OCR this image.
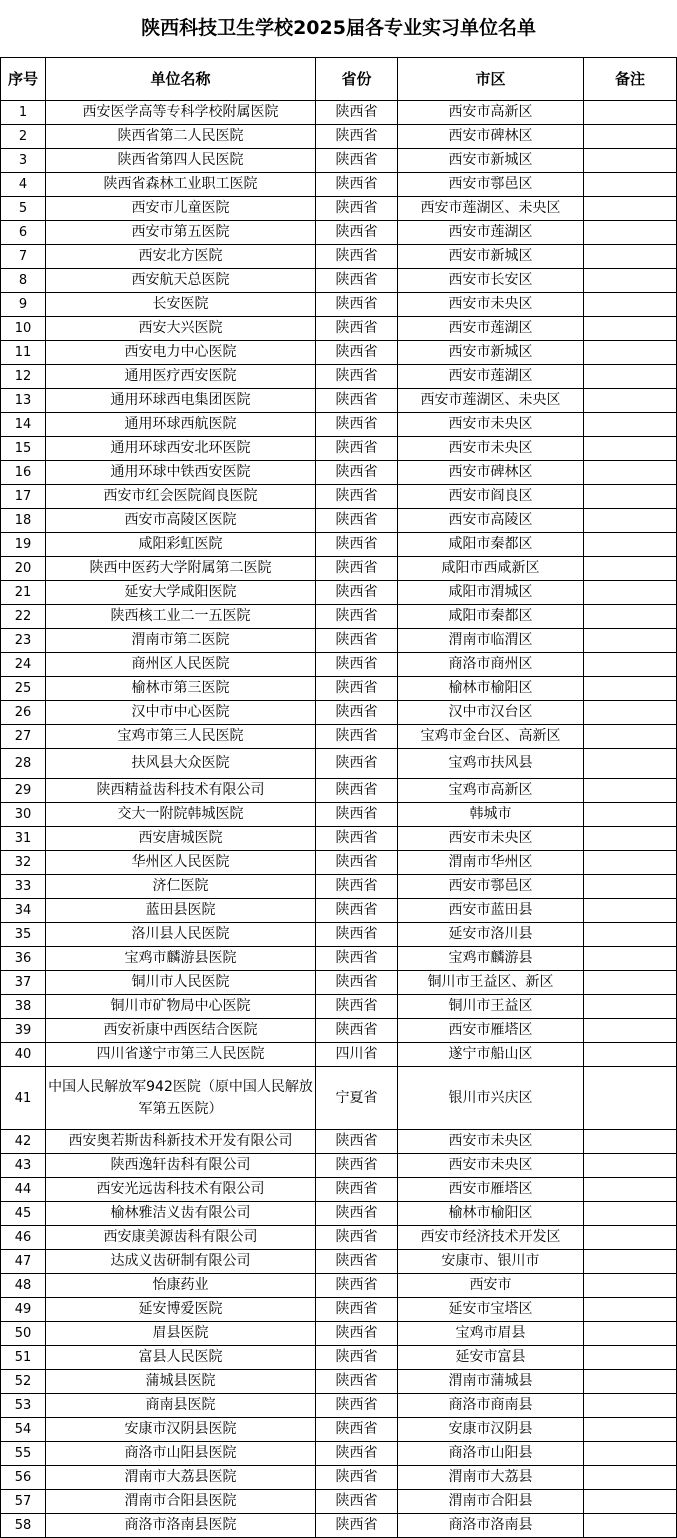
陕西科技卫生学校2025届各专业实习单位名单				
序号	单位名称	省份	市区	备注
1	西安医学高等专科学校附属医院	陕西省	西安市高新区	
2	陕西省第二人民医院	陕西省	西安市碑林区	
3	陕西省第四人民医院	陕西省	西安市新城区	
4	陕西省森林工业职工医院	陕西省	西安市鄠邑区	
5	西安市儿童医院	陕西省	西安市莲湖区、未央区	
6	西安市第五医院	陕西省	西安市莲湖区	
7	西安北方医院	陕西省	西安市新城区	
8	西安航天总医院	陕西省	西安市长安区	
9	长安医院	陕西省	西安市未央区	
10	西安大兴医院	陕西省	西安市莲湖区	
11	西安电力中心医院	陕西省	西安市新城区	
12	通用医疗西安医院	陕西省	西安市莲湖区	
13	通用环球西电集团医院	陕西省	西安市莲湖区、未央区	
14	通用环球西航医院	陕西省	西安市未央区	
15	通用环球西安北环医院	陕西省	西安市未央区	
16	通用环球中铁西安医院	陕西省	西安市碑林区	
17	西安市红会医院阎良医院	陕西省	西安市阎良区	
18	西安市高陵区医院	陕西省	西安市高陵区	
19	咸阳彩虹医院	陕西省	咸阳市秦都区	
20	陕西中医药大学附属第二医院	陕西省	咸阳市西咸新区	
21	延安大学咸阳医院	陕西省	咸阳市渭城区	
22	陕西核工业二一五医院	陕西省	咸阳市秦都区	
23	渭南市第二医院	陕西省	渭南市临渭区	
24	商州区人民医院	陕西省	商洛市商州区	
25	榆林市第三医院	陕西省	榆林市榆阳区	
26	汉中市中心医院	陕西省	汉中市汉台区	
27	宝鸡市第三人民医院	陕西省	宝鸡市金台区、高新区	
28	扶风县大众医院	陕西省	宝鸡市扶风县	
29	陕西精益齿科技术有限公司	陕西省	宝鸡市高新区	
30	交大一附院韩城医院	陕西省	韩城市	
31	西安唐城医院	陕西省	西安市未央区	
32	华州区人民医院	陕西省	渭南市华州区	
33	济仁医院	陕西省	西安市鄠邑区	
34	蓝田县医院	陕西省	西安市蓝田县	
35	洛川县人民医院	陕西省	延安市洛川县	
36	宝鸡市麟游县医院	陕西省	宝鸡市麟游县	
37	铜川市人民医院	陕西省	铜川市王益区、新区	
38	铜川市矿物局中心医院	陕西省	铜川市王益区	
39	西安祈康中西医结合医院	陕西省	西安市雁塔区	
40	四川省遂宁市第三人民医院	四川省	遂宁市船山区	
41	中国人民解放军942医院（原中国人民解放军第五医院）	宁夏省	银川市兴庆区	
42	西安奥若斯齿科新技术开发有限公司	陕西省	西安市未央区	
43	陕西逸轩齿科有限公司	陕西省	西安市未央区	
44	西安光远齿科技术有限公司	陕西省	西安市雁塔区	
45	榆林雅洁义齿有限公司	陕西省	榆林市榆阳区	
46	西安康美源齿科有限公司	陕西省	西安市经济技术开发区	
47	达成义齿研制有限公司	陕西省	安康市、银川市	
48	怡康药业	陕西省	西安市	
49	延安博爱医院	陕西省	延安市宝塔区	
50	眉县医院	陕西省	宝鸡市眉县	
51	富县人民医院	陕西省	延安市富县	
52	蒲城县医院	陕西省	渭南市蒲城县	
53	商南县医院	陕西省	商洛市商南县	
54	安康市汉阴县医院	陕西省	安康市汉阴县	
55	商洛市山阳县医院	陕西省	商洛市山阳县	
56	渭南市大荔县医院	陕西省	渭南市大荔县	
57	渭南市合阳县医院	陕西省	渭南市合阳县	
58	商洛市洛南县医院	陕西省	商洛市洛南县	
